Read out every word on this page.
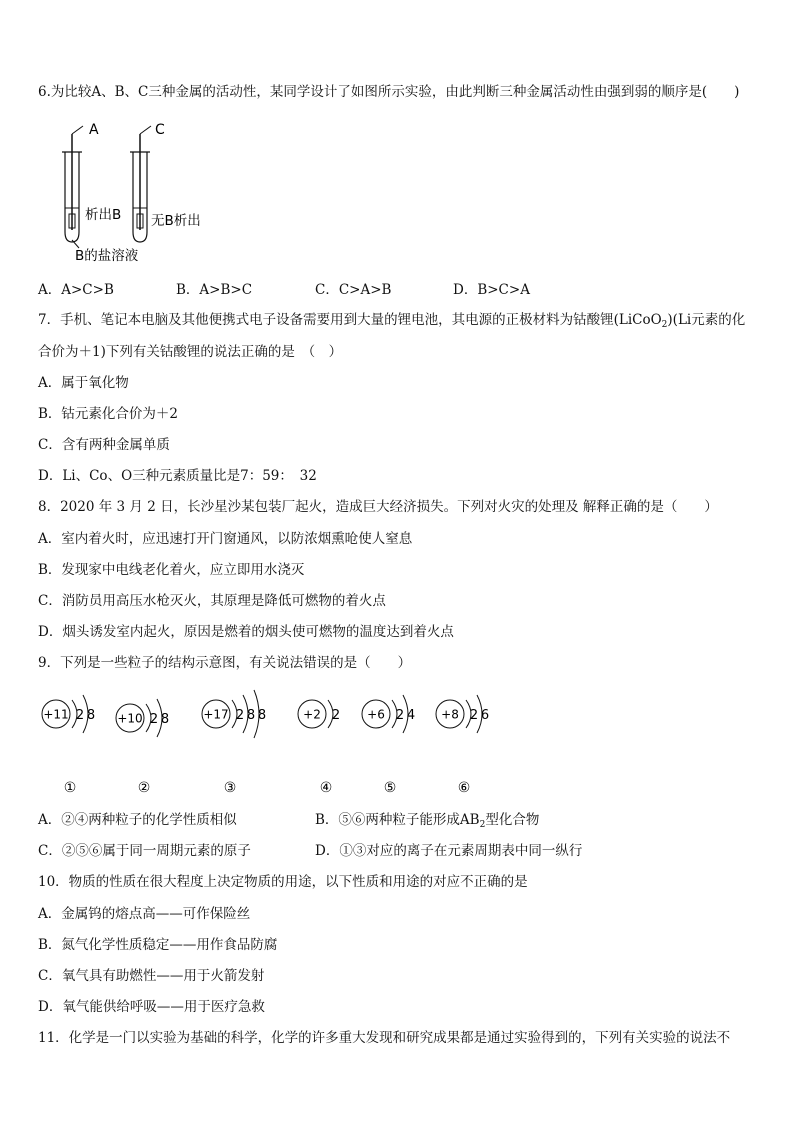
6.为比较A、B、C三种金属的活动性，某同学设计了如图所示实验，由此判断三种金属活动性由强到弱的顺序是(　　)
A
析出B
C
无B析出
B的盐溶液
A．A>C>B	B．A>B>C	C．C>A>B	D．B>C>A
7．手机、笔记本电脑及其他便携式电子设备需要用到大量的锂电池，其电源的正极材料为钴酸锂(LiCoO$_2$)(Li元素的化
合价为＋1)下列有关钴酸锂的说法正确的是　（　）
A．属于氧化物
B．钴元素化合价为＋2
C．含有两种金属单质
D．Li、Co、O三种元素质量比是7：59：　32
8．2020 年 3 月 2 日，长沙星沙某包装厂起火，造成巨大经济损失。下列对火灾的处理及 解释正确的是（　　）
A．室内着火时，应迅速打开门窗通风，以防浓烟熏呛使人窒息
B．发现家中电线老化着火，应立即用水浇灭
C．消防员用高压水枪灭火，其原理是降低可燃物的着火点
D．烟头诱发室内起火，原因是燃着的烟头使可燃物的温度达到着火点
9．下列是一些粒子的结构示意图，有关说法错误的是（　　）
+11 2 8
①
+10 2 8
②
+17 2 8 8
③
+2 2
④
+6 2 4
⑤
+8 2 6
⑥
A．②④两种粒子的化学性质相似	B．⑤⑥两种粒子能形成$AB_2$型化合物
C．②⑤⑥属于同一周期元素的原子	D．①③对应的离子在元素周期表中同一纵行
10．物质的性质在很大程度上决定物质的用途，以下性质和用途的对应不正确的是
A．金属钨的熔点高——可作保险丝
B．氮气化学性质稳定——用作食品防腐
C．氧气具有助燃性——用于火箭发射
D．氧气能供给呼吸——用于医疗急救
11．化学是一门以实验为基础的科学，化学的许多重大发现和研究成果都是通过实验得到的，下列有关实验的说法不
